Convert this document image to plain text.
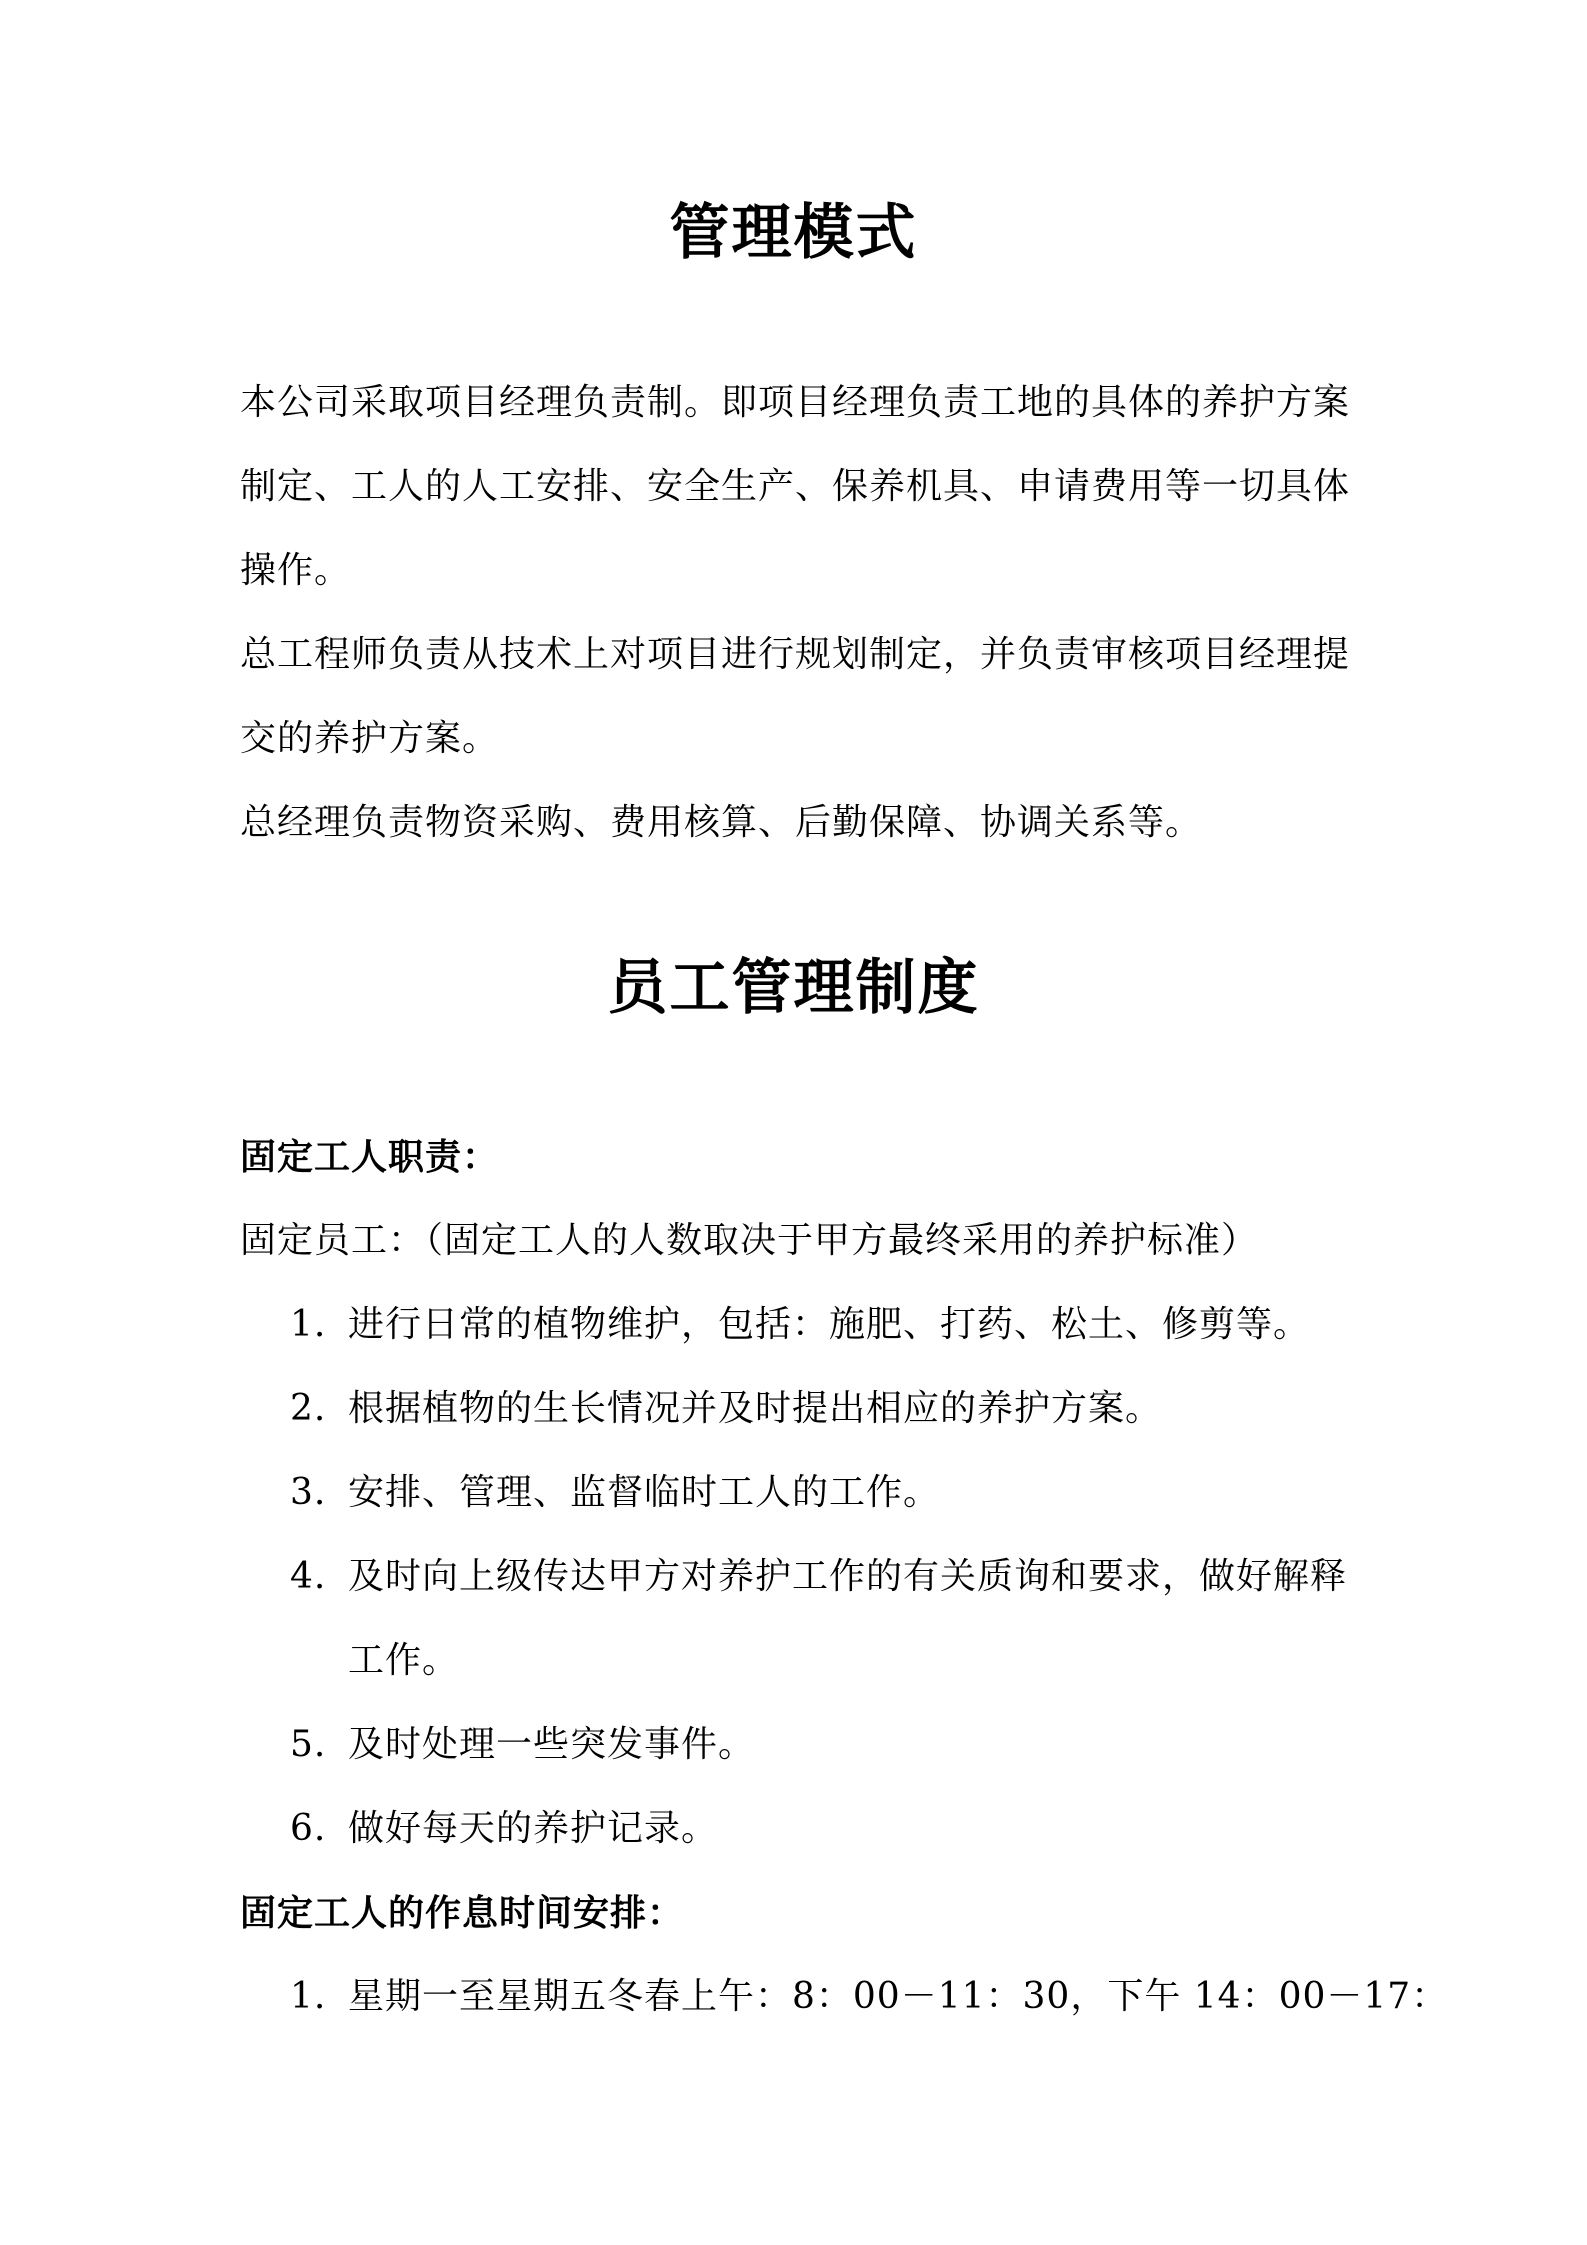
管理模式

本公司采取项目经理负责制。即项目经理负责工地的具体的养护方案

制定、工人的人工安排、安全生产、保养机具、申请费用等一切具体

操作。

总工程师负责从技术上对项目进行规划制定，并负责审核项目经理提

交的养护方案。

总经理负责物资采购、费用核算、后勤保障、协调关系等。

员工管理制度

固定工人职责：

固定员工：（固定工人的人数取决于甲方最终采用的养护标准）

1. 进行日常的植物维护，包括：施肥、打药、松土、修剪等。

2. 根据植物的生长情况并及时提出相应的养护方案。

3. 安排、管理、监督临时工人的工作。

4. 及时向上级传达甲方对养护工作的有关质询和要求，做好解释

工作。

5. 及时处理一些突发事件。

6. 做好每天的养护记录。

固定工人的作息时间安排：

1. 星期一至星期五冬春上午：8：00－11：30，下午 14：00－17：
